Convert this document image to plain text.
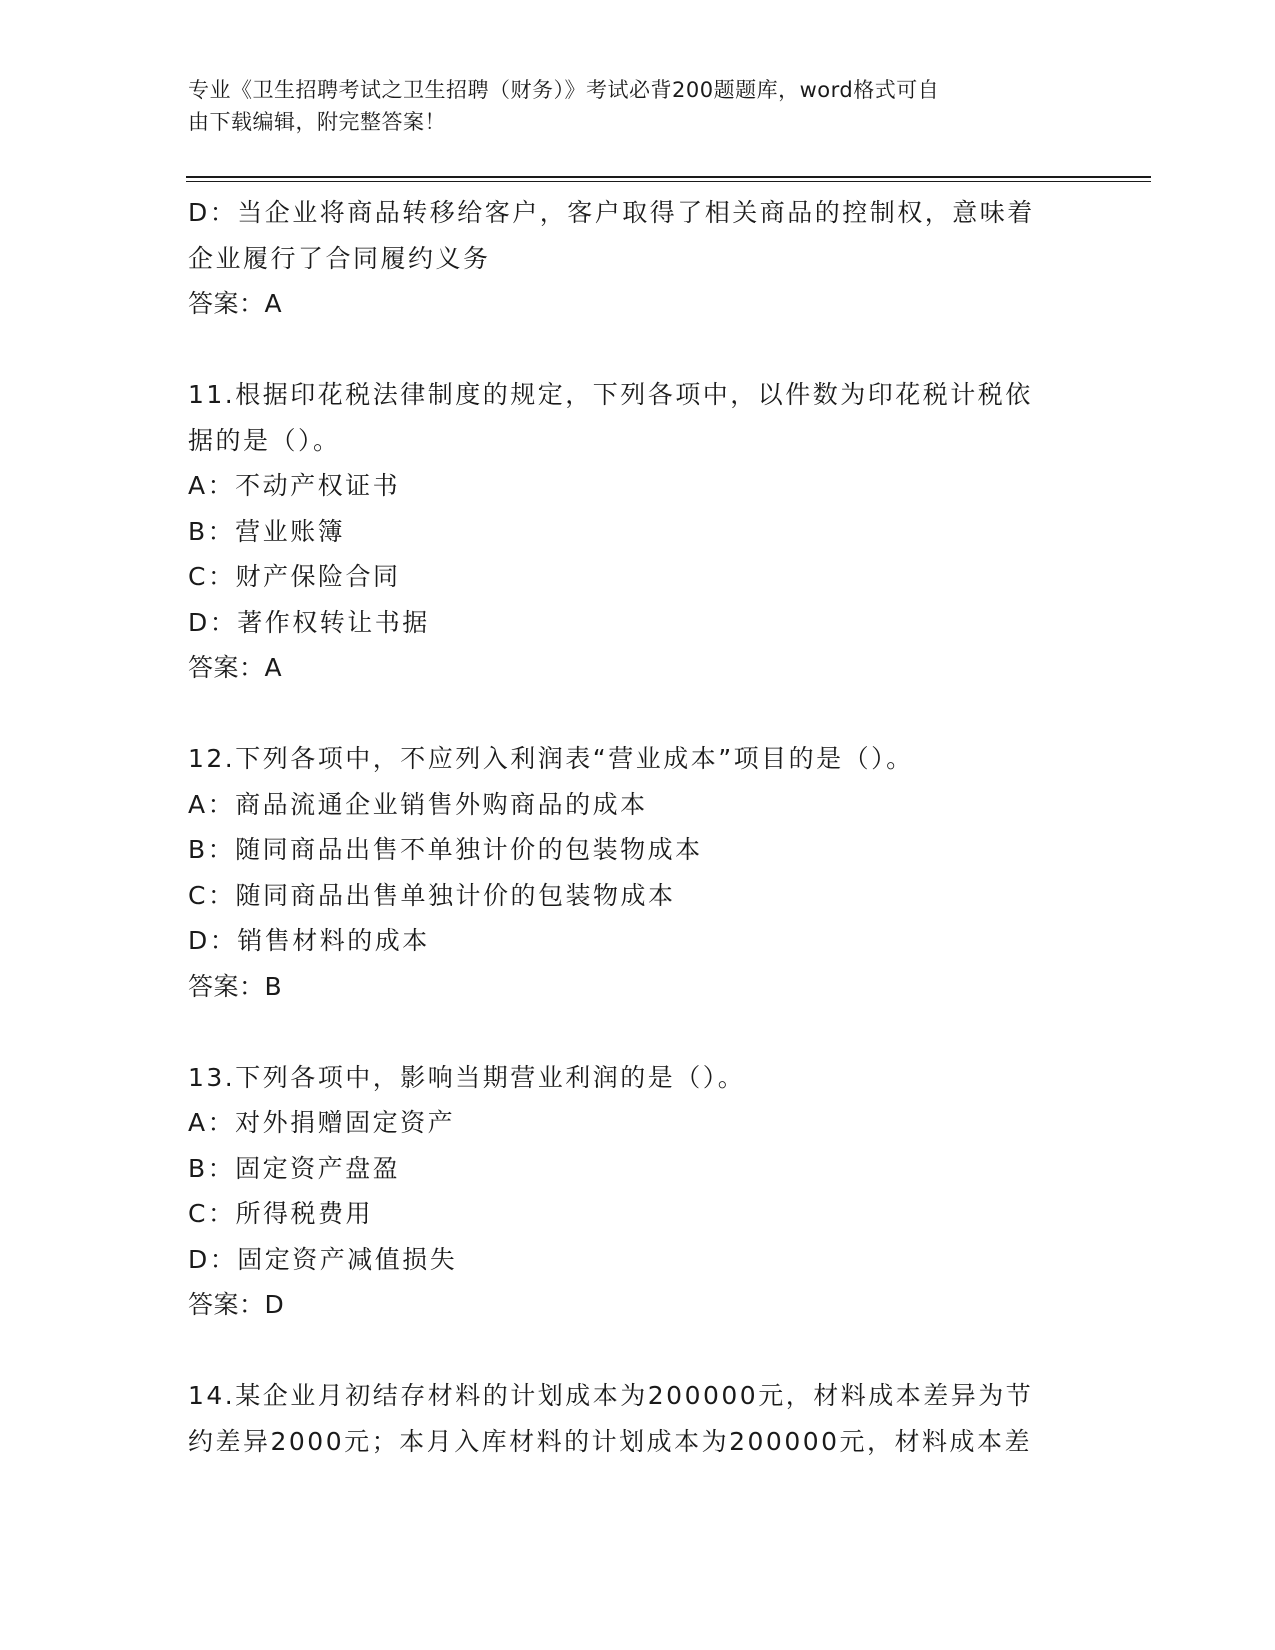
专业《卫生招聘考试之卫生招聘（财务）》考试必背200题题库，word格式可自
由下载编辑，附完整答案！
D：当企业将商品转移给客户，客户取得了相关商品的控制权，意味着
企业履行了合同履约义务
答案：A
11.根据印花税法律制度的规定，下列各项中，以件数为印花税计税依
据的是（）。
A：不动产权证书
B：营业账簿
C：财产保险合同
D：著作权转让书据
答案：A
12.下列各项中，不应列入利润表“营业成本”项目的是（）。
A：商品流通企业销售外购商品的成本
B：随同商品出售不单独计价的包装物成本
C：随同商品出售单独计价的包装物成本
D：销售材料的成本
答案：B
13.下列各项中，影响当期营业利润的是（）。
A：对外捐赠固定资产
B：固定资产盘盈
C：所得税费用
D：固定资产减值损失
答案：D
14.某企业月初结存材料的计划成本为200000元，材料成本差异为节
约差异2000元；本月入库材料的计划成本为200000元，材料成本差
